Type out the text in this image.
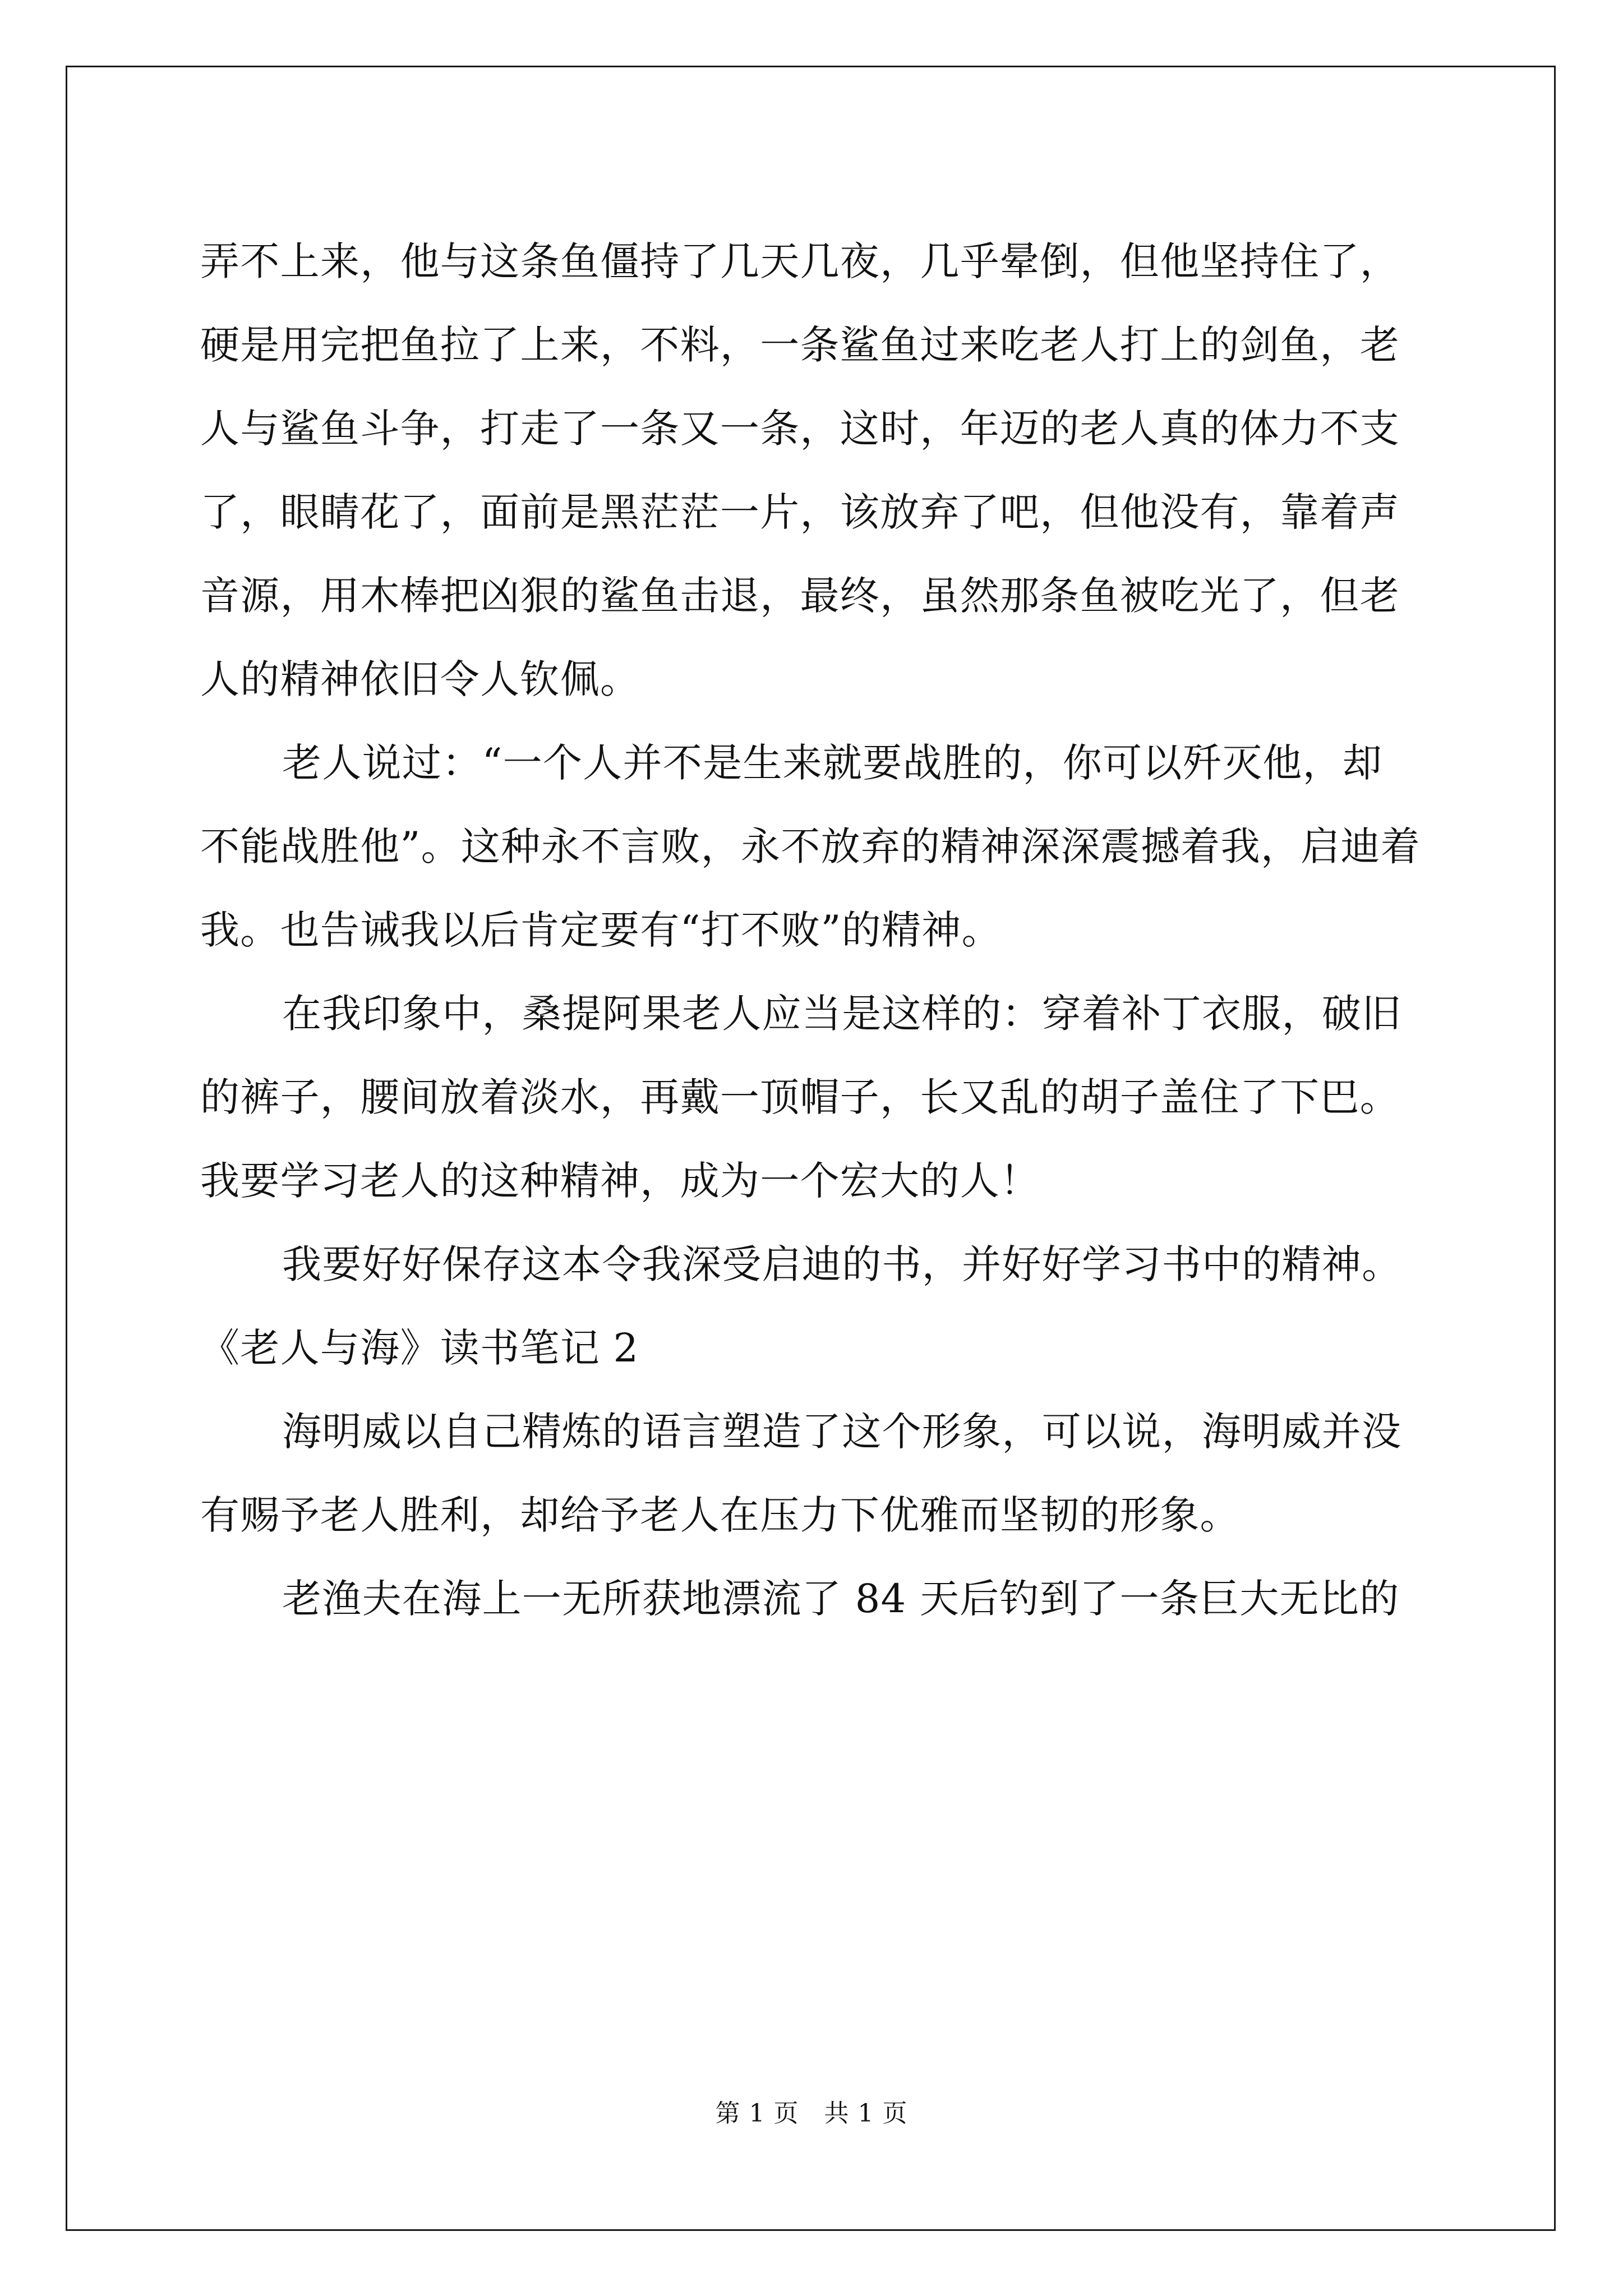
弄不上来，他与这条鱼僵持了几天几夜，几乎晕倒，但他坚持住了，
硬是用完把鱼拉了上来，不料，一条鲨鱼过来吃老人打上的剑鱼，老
人与鲨鱼斗争，打走了一条又一条，这时，年迈的老人真的体力不支
了，眼睛花了，面前是黑茫茫一片，该放弃了吧，但他没有，靠着声
音源，用木棒把凶狠的鲨鱼击退，最终，虽然那条鱼被吃光了，但老
人的精神依旧令人钦佩。
老人说过：“一个人并不是生来就要战胜的，你可以歼灭他，却
不能战胜他”。这种永不言败，永不放弃的精神深深震撼着我，启迪着
我。也告诫我以后肯定要有“打不败”的精神。
在我印象中，桑提阿果老人应当是这样的：穿着补丁衣服，破旧
的裤子，腰间放着淡水，再戴一顶帽子，长又乱的胡子盖住了下巴。
我要学习老人的这种精神，成为一个宏大的人！
我要好好保存这本令我深受启迪的书，并好好学习书中的精神。
《老人与海》读书笔记 2
海明威以自己精炼的语言塑造了这个形象，可以说，海明威并没
有赐予老人胜利，却给予老人在压力下优雅而坚韧的形象。
老渔夫在海上一无所获地漂流了 84 天后钓到了一条巨大无比的
第 1 页　共 1 页
